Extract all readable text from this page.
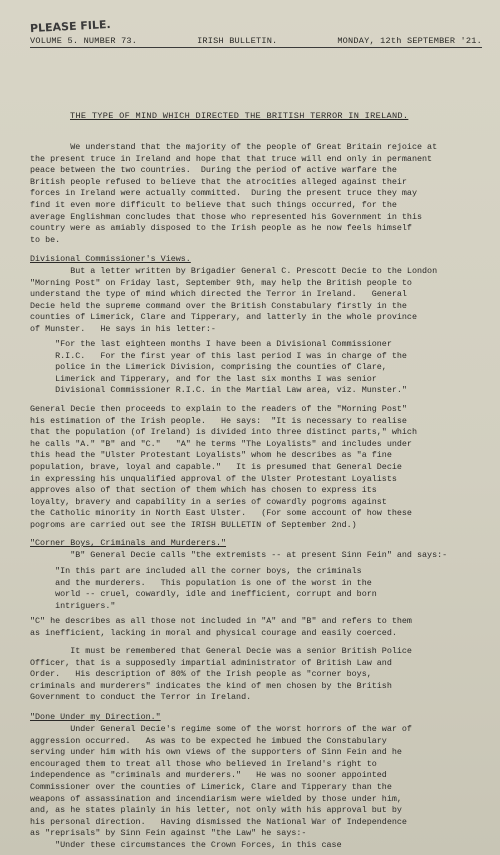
PLEASE FILE.
VOLUME 5. NUMBER 73.	IRISH BULLETIN.	MONDAY, 12th SEPTEMBER '21.
THE TYPE OF MIND WHICH DIRECTED THE BRITISH TERROR IN IRELAND.
We understand that the majority of the people of Great Britain rejoice at
the present truce in Ireland and hope that that truce will end only in permanent
peace between the two countries.  During the period of active warfare the
British people refused to believe that the atrocities alleged against their
forces in Ireland were actually committed.  During the present truce they may
find it even more difficult to believe that such things occurred, for the
average Englishman concludes that those who represented his Government in this
country were as amiably disposed to the Irish people as he now feels himself
to be.
Divisional Commissioner's Views.
But a letter written by Brigadier General C. Prescott Decie to the London
"Morning Post" on Friday last, September 9th, may help the British people to
understand the type of mind which directed the Terror in Ireland.   General
Decie held the supreme command over the British Constabulary firstly in the
counties of Limerick, Clare and Tipperary, and latterly in the whole province
of Munster.   He says in his letter:-
"For the last eighteen months I have been a Divisional Commissioner
R.I.C.   For the first year of this last period I was in charge of the
police in the Limerick Division, comprising the counties of Clare,
Limerick and Tipperary, and for the last six months I was senior
Divisional Commissioner R.I.C. in the Martial Law area, viz. Munster."
General Decie then proceeds to explain to the readers of the "Morning Post"
his estimation of the Irish people.   He says:  "It is necessary to realise
that the population (of Ireland) is divided into three distinct parts," which
he calls "A." "B" and "C."   "A" he terms "The Loyalists" and includes under
this head the "Ulster Protestant Loyalists" whom he describes as "a fine
population, brave, loyal and capable."   It is presumed that General Decie
in expressing his unqualified approval of the Ulster Protestant Loyalists
approves also of that section of them which has chosen to express its
loyalty, bravery and capability in a series of cowardly pogroms against
the Catholic minority in North East Ulster.   (For some account of how these
pogroms are carried out see the IRISH BULLETIN of September 2nd.)
"Corner Boys, Criminals and Murderers."
"B" General Decie calls "the extremists -- at present Sinn Fein" and says:-
"In this part are included all the corner boys, the criminals
and the murderers.   This population is one of the worst in the
world -- cruel, cowardly, idle and inefficient, corrupt and born
intriguers."
"C" he describes as all those not included in "A" and "B" and refers to them
as inefficient, lacking in moral and physical courage and easily coerced.
It must be remembered that General Decie was a senior British Police
Officer, that is a supposedly impartial administrator of British Law and
Order.   His description of 80% of the Irish people as "corner boys,
criminals and murderers" indicates the kind of men chosen by the British
Government to conduct the Terror in Ireland.
"Done Under my Direction."
Under General Decie's regime some of the worst horrors of the war of
aggression occurred.   As was to be expected he imbued the Constabulary
serving under him with his own views of the supporters of Sinn Fein and he
encouraged them to treat all those who believed in Ireland's right to
independence as "criminals and murderers."   He was no sooner appointed
Commissioner over the counties of Limerick, Clare and Tipperary than the
weapons of assassination and incendiarism were wielded by those under him,
and, as he states plainly in his letter, not only with his approval but by
his personal direction.   Having dismissed the National War of Independence
as "reprisals" by Sinn Fein against "the Law" he says:-
"Under these circumstances the Crown Forces, in this case
